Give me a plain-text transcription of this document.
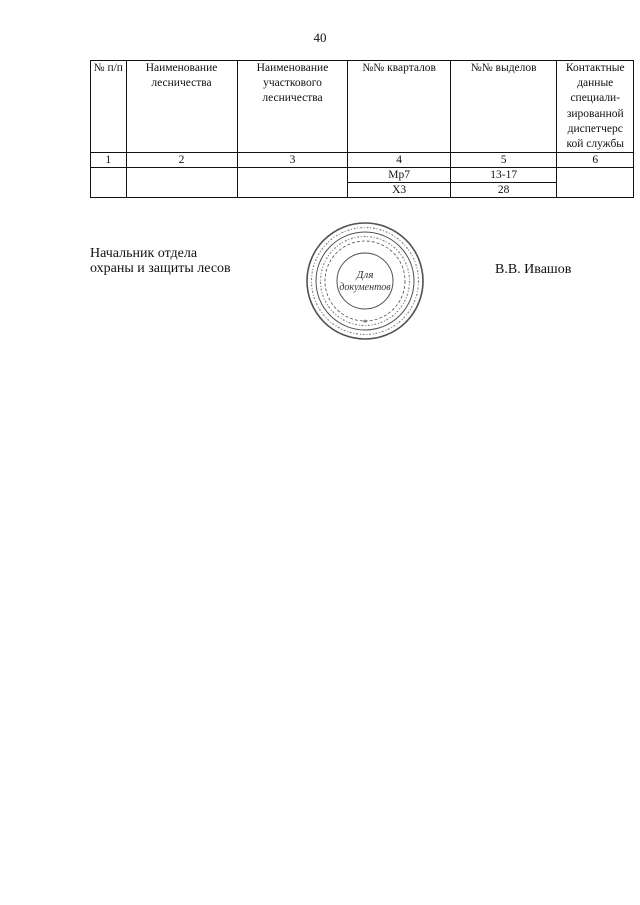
40
№ п/п	Наименование лесничества	Наименование участкового лесничества	№№ кварталов	№№ выделов	Контактные данные специали-зированной диспетчерс кой службы
1	2	3	4	5	6
			Мр7	13-17	
			Х3	28	
Начальник отдела
охраны и защиты лесов	В.В. Ивашов
Для
документов
*
